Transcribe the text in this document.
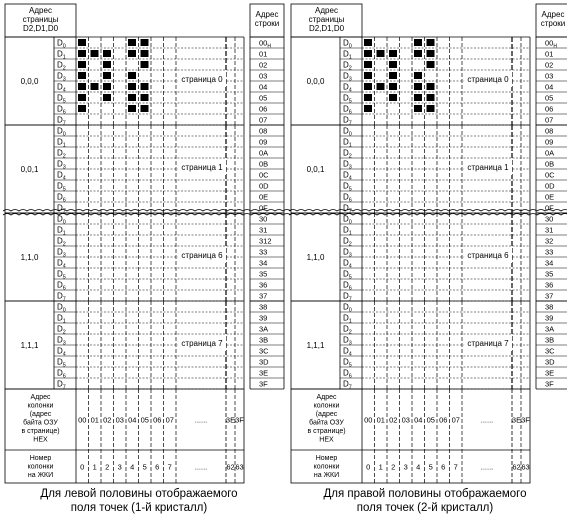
Адрес
страницы
D2,D1,D0
Адрес
строки
0,0,0
$D_0$	$00_H$
$D_1$	01
$D_2$	02
$D_3$	03
$D_4$	04
$D_5$	05
$D_6$	06
$D_7$	07
страница 0
0,0,1
$D_0$	08
$D_1$	09
$D_2$	0A
$D_3$	0B
$D_4$	0C
$D_5$	0D
$D_6$	0E
$D_7$	0F
страница 1
1,1,0
$D_0$	30
$D_1$	31
$D_2$	312
$D_3$	33
$D_4$	34
$D_5$	35
$D_6$	36
$D_7$	37
страница 6
1,1,1
$D_0$	38
$D_1$	39
$D_2$	3A
$D_3$	3B
$D_4$	3C
$D_5$	3D
$D_6$	3E
$D_7$	3F
страница 7
Адрес
колонки
(адрес
байта ОЗУ
в странице)
HEX
Номер
колонки
на ЖКИ
00 01 02 03 04 05 06 07	...... 3E 3F
0 1 2 3 4 5 6 7	......	62 63
Адрес
страницы
D2,D1,D0
Адрес
строки
0,0,0
$D_0$	$00_H$
$D_1$	01
$D_2$	02
$D_3$	03
$D_4$	04
$D_5$	05
$D_6$	06
$D_7$	07
страница 0
0,0,1
$D_0$	08
$D_1$	09
$D_2$	0A
$D_3$	0B
$D_4$	0C
$D_5$	0D
$D_6$	0E
$D_7$	0F
страница 1
1,1,0
$D_0$	30
$D_1$	31
$D_2$	32
$D_3$	33
$D_4$	34
$D_5$	35
$D_6$	36
$D_7$	37
страница 6
1,1,1
$D_0$	38
$D_1$	39
$D_2$	3A
$D_3$	3B
$D_4$	3C
$D_5$	3D
$D_6$	3E
$D_7$	3F
страница 7
Адрес
колонки
(адрес
байта ОЗУ
в странице)
HEX
Номер
колонки
на ЖКИ
00 01 02 03 04 05 06 07	...... 3E 3F
0 1 2 3 4 5 6 7	......	62 63
Для левой половины отображаемого
поля точек (1-й кристалл)
Для правой половины отображаемого
поля точек (2-й кристалл)
